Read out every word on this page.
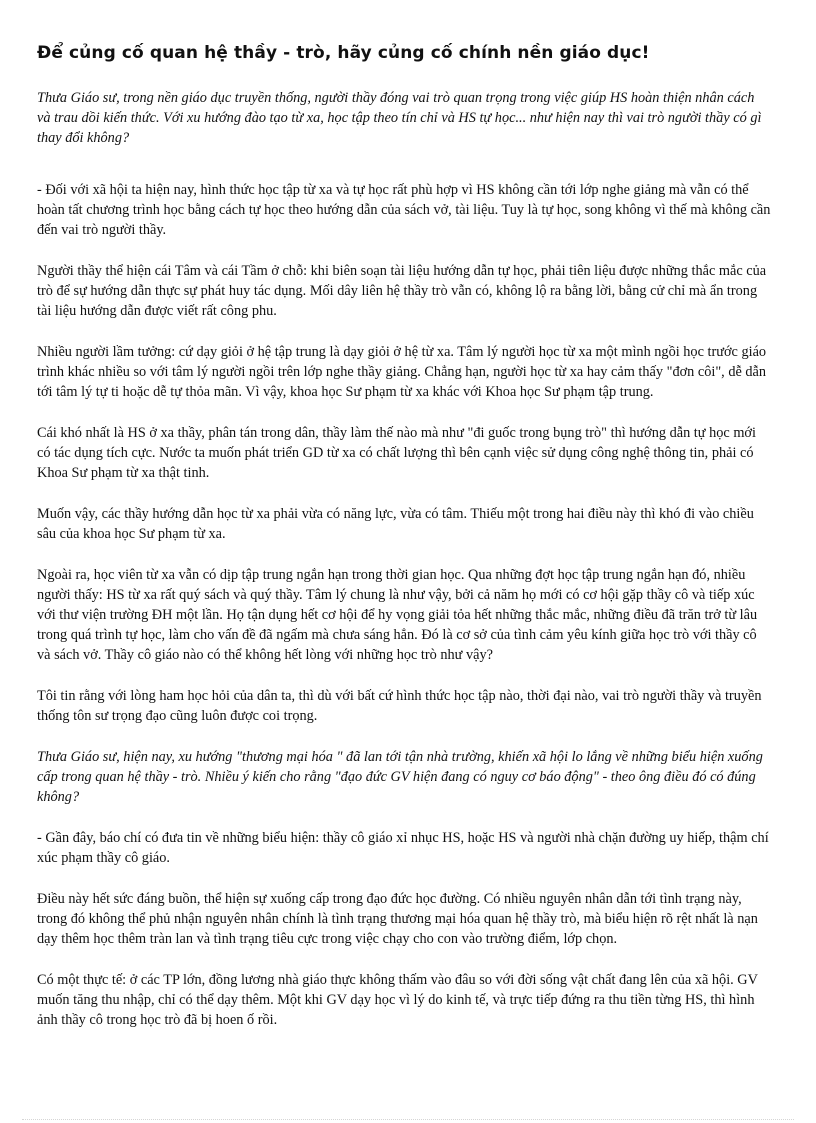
Để củng cố quan hệ thầy - trò, hãy củng cố chính nền giáo dục!

Thưa Giáo sư, trong nền giáo dục truyền thống, người thầy đóng vai trò quan trọng trong việc giúp HS hoàn thiện nhân cách và trau dồi kiến thức. Với xu hướng đào tạo từ xa, học tập theo tín chỉ và HS tự học... như hiện nay thì vai trò người thầy có gì thay đổi không?

- Đối với xã hội ta hiện nay, hình thức học tập từ xa và tự học rất phù hợp vì HS không cần tới lớp nghe giảng mà vẫn có thể hoàn tất chương trình học bằng cách tự học theo hướng dẫn của sách vở, tài liệu. Tuy là tự học, song không vì thế mà không cần đến vai trò người thầy.

Người thầy thể hiện cái Tâm và cái Tầm ở chỗ: khi biên soạn tài liệu hướng dẫn tự học, phải tiên liệu được những thắc mắc của trò để sự hướng dẫn thực sự phát huy tác dụng. Mối dây liên hệ thầy trò vẫn có, không lộ ra bằng lời, bằng cử chỉ mà ẩn trong tài liệu hướng dẫn được viết rất công phu.

Nhiều người lầm tưởng: cứ dạy giỏi ở hệ tập trung là dạy giỏi ở hệ từ xa. Tâm lý người học từ xa một mình ngồi học trước giáo trình khác nhiều so với tâm lý người ngồi trên lớp nghe thầy giảng. Chẳng hạn, người học từ xa hay cảm thấy "đơn côi", dễ dẫn tới tâm lý tự ti hoặc dễ tự thỏa mãn. Vì vậy, khoa học Sư phạm từ xa khác với Khoa học Sư phạm tập trung.

Cái khó nhất là HS ở xa thầy, phân tán trong dân, thầy làm thế nào mà như "đi guốc trong bụng trò" thì hướng dẫn tự học mới có tác dụng tích cực. Nước ta muốn phát triển GD từ xa có chất lượng thì bên cạnh việc sử dụng công nghệ thông tin, phải có Khoa Sư phạm từ xa thật tinh.

Muốn vậy, các thầy hướng dẫn học từ xa phải vừa có năng lực, vừa có tâm. Thiếu một trong hai điều này thì khó đi vào chiều sâu của khoa học Sư phạm từ xa.

Ngoài ra, học viên từ xa vẫn có dịp tập trung ngắn hạn trong thời gian học. Qua những đợt học tập trung ngắn hạn đó, nhiều người thấy: HS từ xa rất quý sách và quý thầy. Tâm lý chung là như vậy, bởi cả năm họ mới có cơ hội gặp thầy cô và tiếp xúc với thư viện trường ĐH một lần. Họ tận dụng hết cơ hội để hy vọng giải tỏa hết những thắc mắc, những điều đã trăn trở từ lâu trong quá trình tự học, làm cho vấn đề đã ngấm mà chưa sáng hẳn. Đó là cơ sở của tình cảm yêu kính giữa học trò với thầy cô và sách vở. Thầy cô giáo nào có thể không hết lòng với những học trò như vậy?

Tôi tin rằng với lòng ham học hỏi của dân ta, thì dù với bất cứ hình thức học tập nào, thời đại nào, vai trò người thầy và truyền thống tôn sư trọng đạo cũng luôn được coi trọng.

Thưa Giáo sư, hiện nay, xu hướng "thương mại hóa " đã lan tới tận nhà trường, khiến xã hội lo lắng về những biểu hiện xuống cấp trong quan hệ thầy - trò. Nhiều ý kiến cho rằng "đạo đức GV hiện đang có nguy cơ báo động" - theo ông điều đó có đúng không?

- Gần đây, báo chí có đưa tin về những biểu hiện: thầy cô giáo xỉ nhục HS, hoặc HS và người nhà chặn đường uy hiếp, thậm chí xúc phạm thầy cô giáo.

Điều này hết sức đáng buồn, thể hiện sự xuống cấp trong đạo đức học đường. Có nhiều nguyên nhân dẫn tới tình trạng này, trong đó không thể phủ nhận nguyên nhân chính là tình trạng thương mại hóa quan hệ thầy trò, mà biểu hiện rõ rệt nhất là nạn dạy thêm học thêm tràn lan và tình trạng tiêu cực trong việc chạy cho con vào trường điểm, lớp chọn.

Có một thực tế: ở các TP lớn, đồng lương nhà giáo thực không thấm vào đâu so với đời sống vật chất đang lên của xã hội. GV muốn tăng thu nhập, chỉ có thể dạy thêm. Một khi GV dạy học vì lý do kinh tế, và trực tiếp đứng ra thu tiền từng HS, thì hình ảnh thầy cô trong học trò đã bị hoen ố rồi.
